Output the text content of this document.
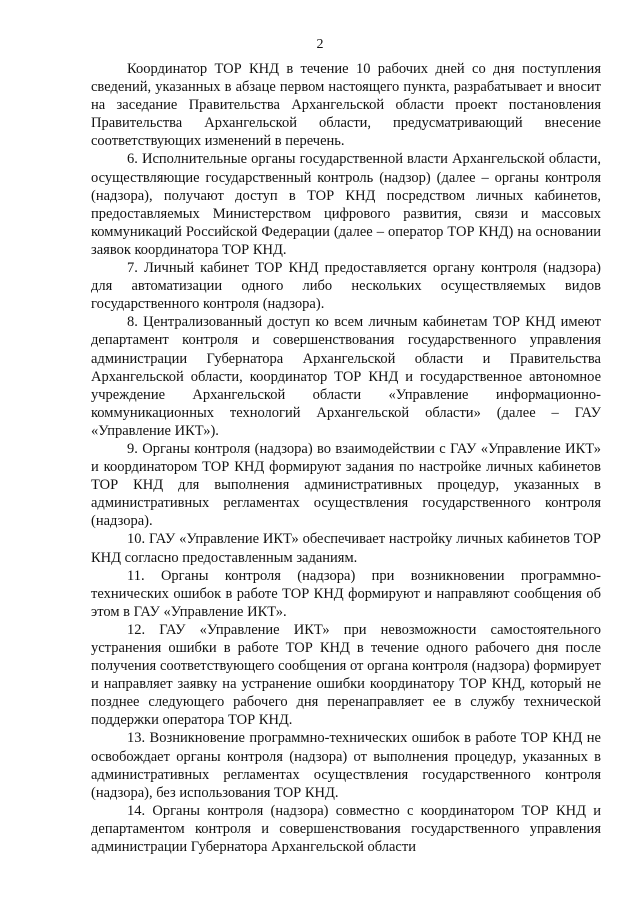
2

Координатор ТОР КНД в течение 10 рабочих дней со дня поступления сведений, указанных в абзаце первом настоящего пункта, разрабатывает и вносит на заседание Правительства Архангельской области проект постановления Правительства Архангельской области, предусматривающий внесение соответствующих изменений в перечень.

6. Исполнительные органы государственной власти Архангельской области, осуществляющие государственный контроль (надзор) (далее – органы контроля (надзора), получают доступ в ТОР КНД посредством личных кабинетов, предоставляемых Министерством цифрового развития, связи и массовых коммуникаций Российской Федерации (далее – оператор ТОР КНД) на основании заявок координатора ТОР КНД.

7. Личный кабинет ТОР КНД предоставляется органу контроля (надзора) для автоматизации одного либо нескольких осуществляемых видов государственного контроля (надзора).

8. Централизованный доступ ко всем личным кабинетам ТОР КНД имеют департамент контроля и совершенствования государственного управления администрации Губернатора Архангельской области и Правительства Архангельской области, координатор ТОР КНД и государственное автономное учреждение Архангельской области «Управление информационно-коммуникационных технологий Архангельской области» (далее – ГАУ «Управление ИКТ»).

9. Органы контроля (надзора) во взаимодействии с ГАУ «Управление ИКТ» и координатором ТОР КНД формируют задания по настройке личных кабинетов ТОР КНД для выполнения административных процедур, указанных в административных регламентах осуществления государственного контроля (надзора).

10. ГАУ «Управление ИКТ» обеспечивает настройку личных кабинетов ТОР КНД согласно предоставленным заданиям.

11. Органы контроля (надзора) при возникновении программно-технических ошибок в работе ТОР КНД формируют и направляют сообщения об этом в ГАУ «Управление ИКТ».

12. ГАУ «Управление ИКТ» при невозможности самостоятельного устранения ошибки в работе ТОР КНД в течение одного рабочего дня после получения соответствующего сообщения от органа контроля (надзора) формирует и направляет заявку на устранение ошибки координатору ТОР КНД, который не позднее следующего рабочего дня перенаправляет ее в службу технической поддержки оператора ТОР КНД.

13. Возникновение программно-технических ошибок в работе ТОР КНД не освобождает органы контроля (надзора) от выполнения процедур, указанных в административных регламентах осуществления государственного контроля (надзора), без использования ТОР КНД.

14. Органы контроля (надзора) совместно с координатором ТОР КНД и департаментом контроля и совершенствования государственного управления администрации Губернатора Архангельской области
